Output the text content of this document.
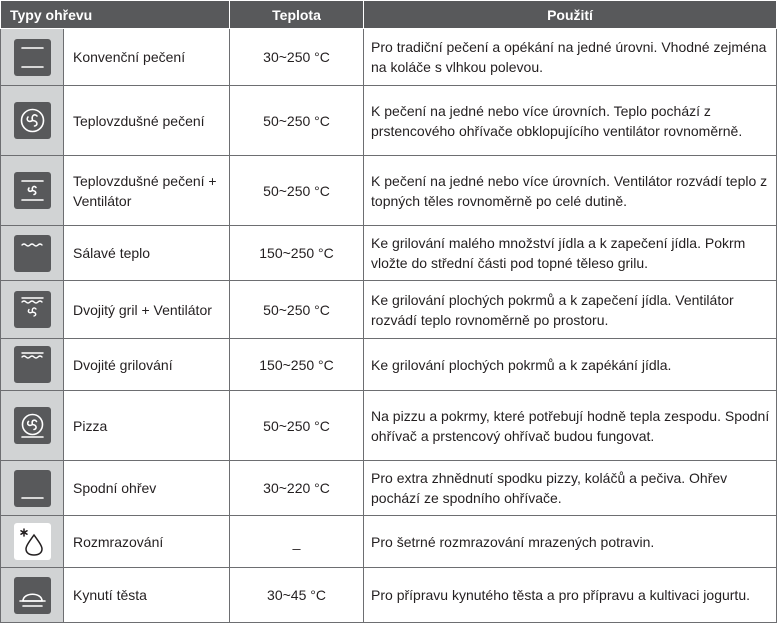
Typy ohřevu		Teplota	Použití

	Konvenční pečení	30~250 °C	Pro tradiční pečení a opékání na jedné úrovni. Vhodné zejména na koláče s vlhkou polevou.

	Teplovzdušné pečení	50~250 °C	K pečení na jedné nebo více úrovních. Teplo pochází z prstencového ohřívače obklopujícího ventilátor rovnoměrně.

	Teplovzdušné pečení + Ventilátor	50~250 °C	K pečení na jedné nebo více úrovních. Ventilátor rozvádí teplo z topných těles rovnoměrně po celé dutině.

	Sálavé teplo	150~250 °C	Ke grilování malého množství jídla a k zapečení jídla. Pokrm vložte do střední části pod topné těleso grilu.

	Dvojitý gril + Ventilátor	50~250 °C	Ke grilování plochých pokrmů a k zapečení jídla. Ventilátor rozvádí teplo rovnoměrně po prostoru.

	Dvojité grilování	150~250 °C	Ke grilování plochých pokrmů a k zapékání jídla.

	Pizza	50~250 °C	Na pizzu a pokrmy, které potřebují hodně tepla zespodu. Spodní ohřívač a prstencový ohřívač budou fungovat.

	Spodní ohřev	30~220 °C	Pro extra zhnědnutí spodku pizzy, koláčů a pečiva. Ohřev pochází ze spodního ohřívače.

	Rozmrazování	_	Pro šetrné rozmrazování mrazených potravin.

	Kynutí těsta	30~45 °C	Pro přípravu kynutého těsta a pro přípravu a kultivaci jogurtu.
